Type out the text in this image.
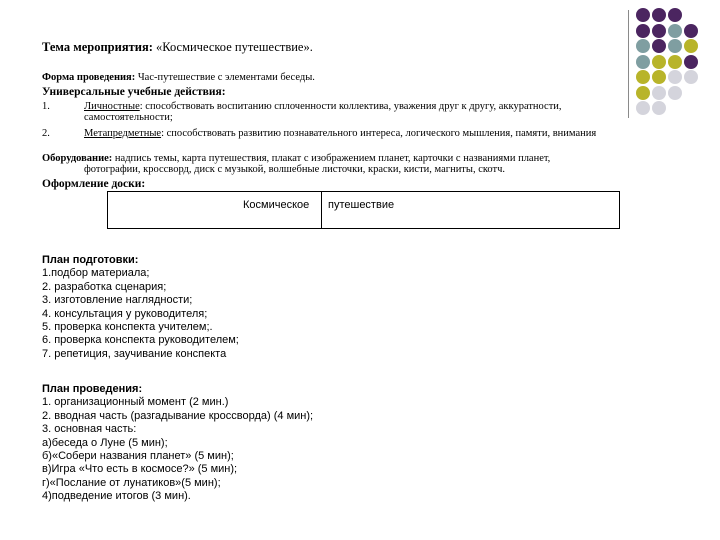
Тема мероприятия: «Космическое путешествие».
Форма проведения: Час-путешествие с элементами беседы.
Универсальные учебные действия:
1.	Личностные: способствовать воспитанию сплоченности коллектива, уважения друг к другу, аккуратности, самостоятельности;
2.	Метапредметные: способствовать развитию познавательного интереса, логического мышления, памяти, внимания
Оборудование: надпись темы, карта путешествия, плакат с изображением планет, карточки с названиями планет,
фотографии, кроссворд, диск с музыкой, волшебные листочки, краски, кисти, магниты, скотч.
Оформление доски:
Космическое путешествие
План подготовки:
1.подбор материала;
2. разработка сценария;
3. изготовление наглядности;
4. консультация у руководителя;
5. проверка конспекта учителем;.
6. проверка конспекта руководителем;
7. репетиция, заучивание конспекта
План проведения:
1. организационный момент (2 мин.)
2. вводная часть (разгадывание кроссворда) (4 мин);
3. основная часть:
а)беседа о Луне (5 мин);
б)«Собери названия планет» (5 мин);
в)Игра «Что есть в космосе?» (5 мин);
г)«Послание от лунатиков»(5 мин);
4)подведение итогов (3 мин).
